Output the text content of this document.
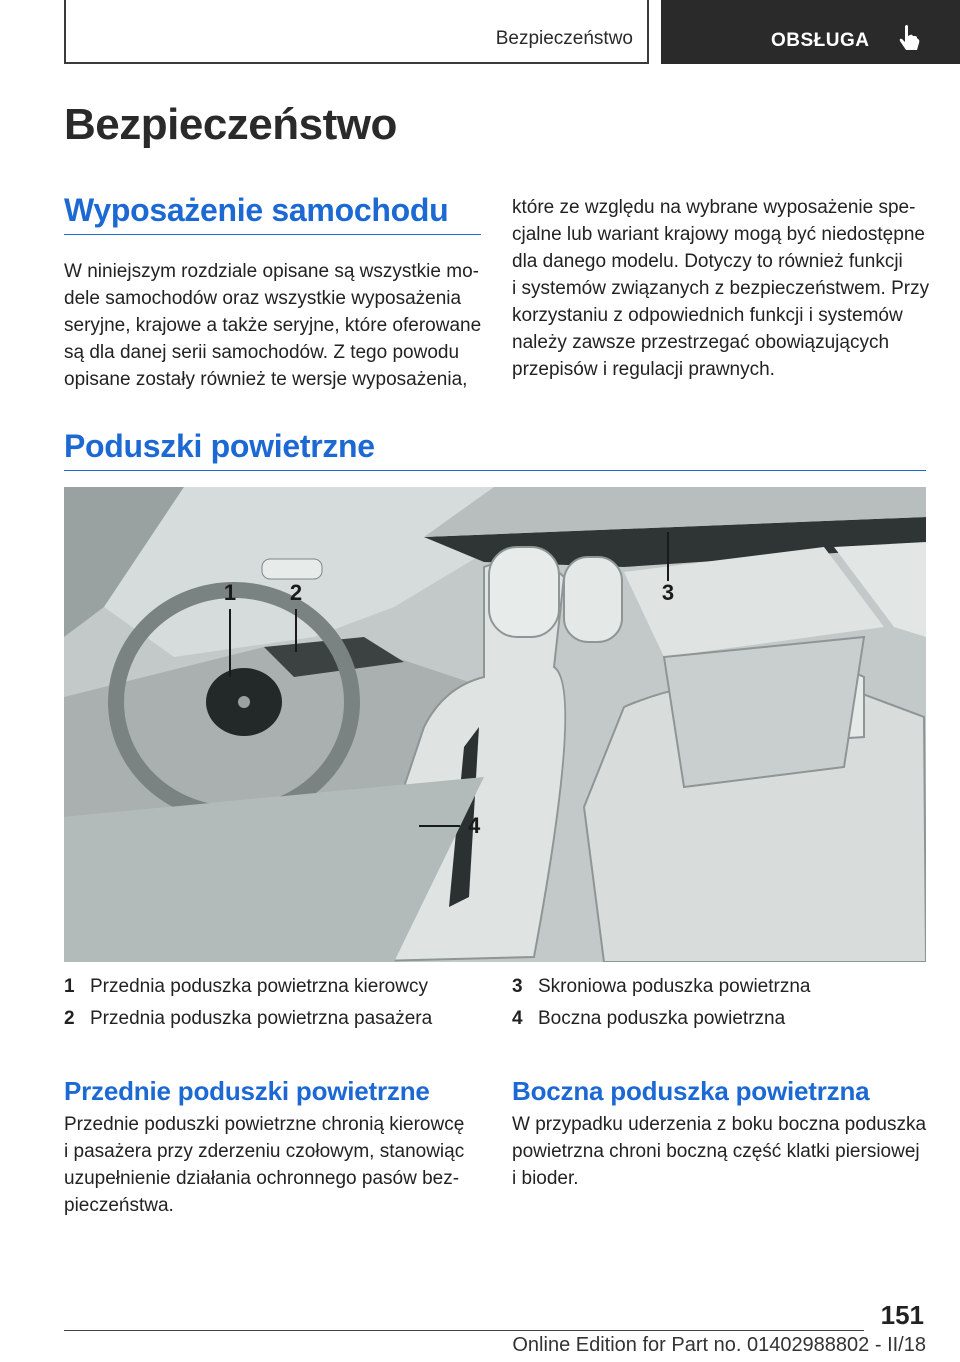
Bezpieczeństwo	OBSŁUGA
Bezpieczeństwo
Wyposażenie samochodu
W niniejszym rozdziale opisane są wszystkie mo-
dele samochodów oraz wszystkie wyposażenia
seryjne, krajowe a także seryjne, które oferowane
są dla danej serii samochodów. Z tego powodu
opisane zostały również te wersje wyposażenia,
które ze względu na wybrane wyposażenie spe-
cjalne lub wariant krajowy mogą być niedostępne
dla danego modelu. Dotyczy to również funkcji
i systemów związanych z bezpieczeństwem. Przy
korzystaniu z odpowiednich funkcji i systemów
należy zawsze przestrzegać obowiązujących
przepisów i regulacji prawnych.
Poduszki powietrzne
1 2	3
4
1 Przednia poduszka powietrzna kierowcy
2 Przednia poduszka powietrzna pasażera
3 Skroniowa poduszka powietrzna
4 Boczna poduszka powietrzna
Przednie poduszki powietrzne
Przednie poduszki powietrzne chronią kierowcę
i pasażera przy zderzeniu czołowym, stanowiąc
uzupełnienie działania ochronnego pasów bez-
pieczeństwa.
Boczna poduszka powietrzna
W przypadku uderzenia z boku boczna poduszka
powietrzna chroni boczną część klatki piersiowej
i bioder.
151
Online Edition for Part no. 01402988802 - II/18
